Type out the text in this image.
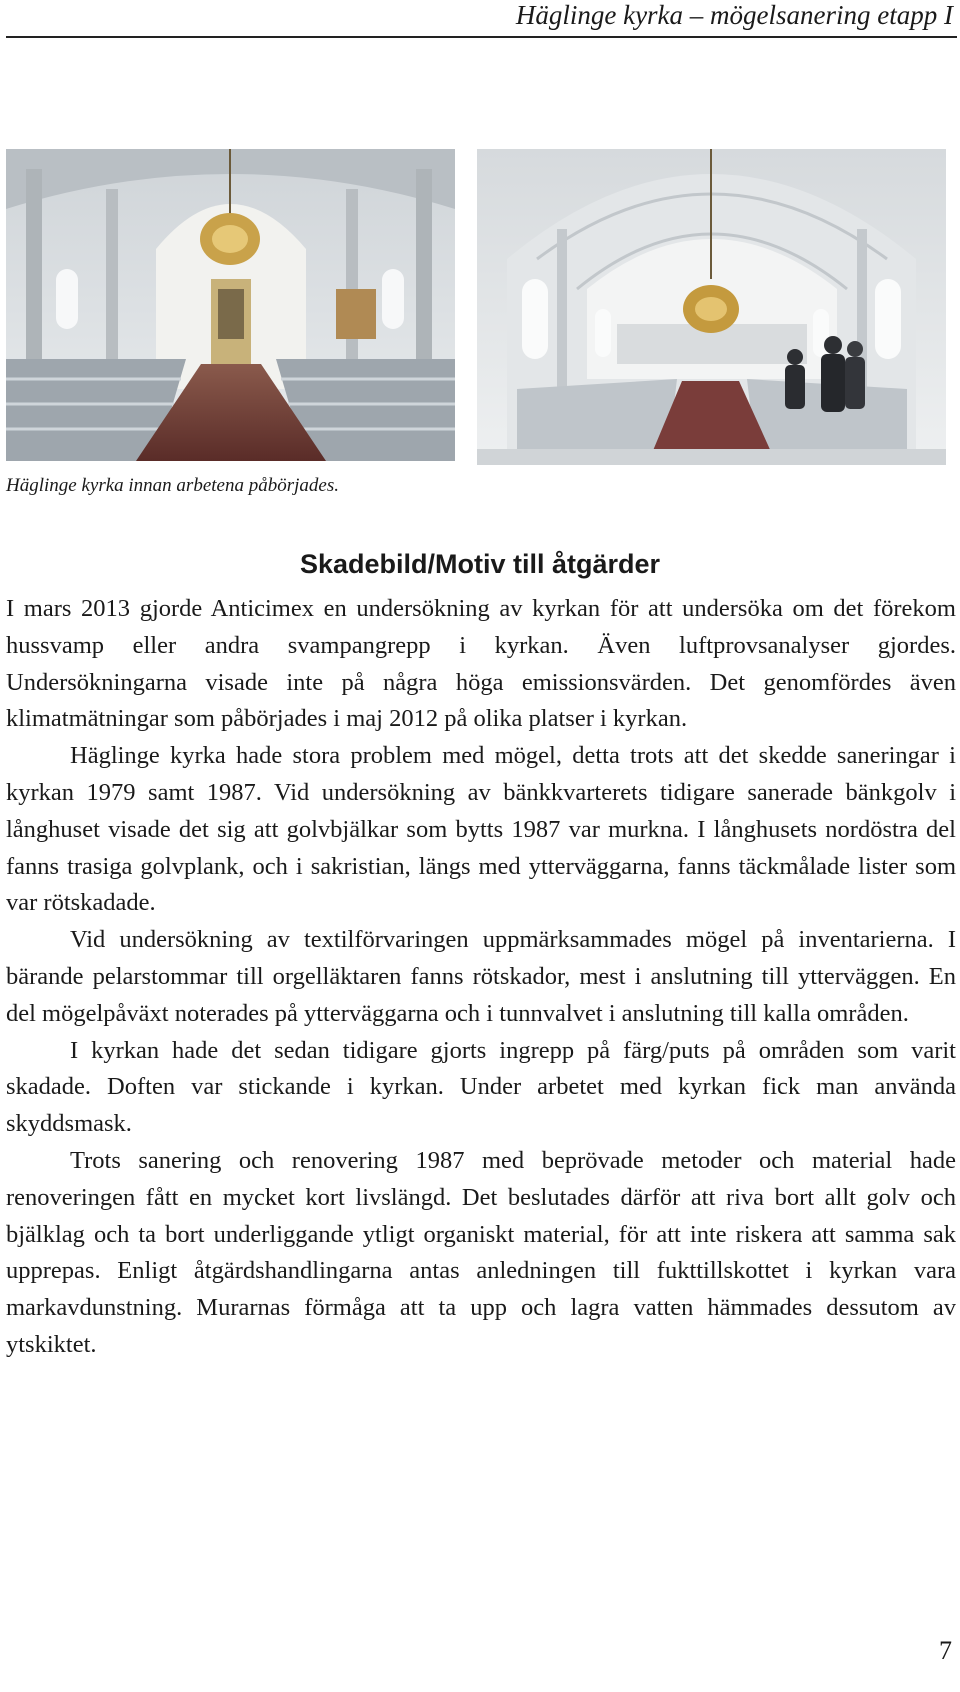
Häglinge kyrka – mögelsanering etapp I
Häglinge kyrka innan arbetena påbörjades.
Skadebild/Motiv till åtgärder

I mars 2013 gjorde Anticimex en undersökning av kyrkan för att undersöka om det förekom hussvamp eller andra svampangrepp i kyrkan. Även luftprovsanalyser gjordes. Undersökningarna visade inte på några höga emissionsvärden. Det genomfördes även klimatmätningar som påbörjades i maj 2012 på olika platser i kyrkan.

Häglinge kyrka hade stora problem med mögel, detta trots att det skedde saneringar i kyrkan 1979 samt 1987. Vid undersökning av bänkkvarterets tidigare sanerade bänkgolv i långhuset visade det sig att golvbjälkar som bytts 1987 var murkna. I långhusets nordöstra del fanns trasiga golvplank, och i sakristian, längs med ytterväggarna, fanns täckmålade lister som var rötskadade.

Vid undersökning av textilförvaringen uppmärksammades mögel på inventarierna. I bärande pelarstommar till orgelläktaren fanns rötskador, mest i anslutning till ytterväggen. En del mögelpåväxt noterades på ytterväggarna och i tunnvalvet i anslutning till kalla områden.

I kyrkan hade det sedan tidigare gjorts ingrepp på färg/puts på områden som varit skadade. Doften var stickande i kyrkan. Under arbetet med kyrkan fick man använda skyddsmask.

Trots sanering och renovering 1987 med beprövade metoder och material hade renoveringen fått en mycket kort livslängd. Det beslutades därför att riva bort allt golv och bjälklag och ta bort underliggande ytligt organiskt material, för att inte riskera att samma sak upprepas. Enligt åtgärdshandlingarna antas anledningen till fukttillskottet i kyrkan vara markavdunstning. Murarnas förmåga att ta upp och lagra vatten hämmades dessutom av ytskiktet.

7
